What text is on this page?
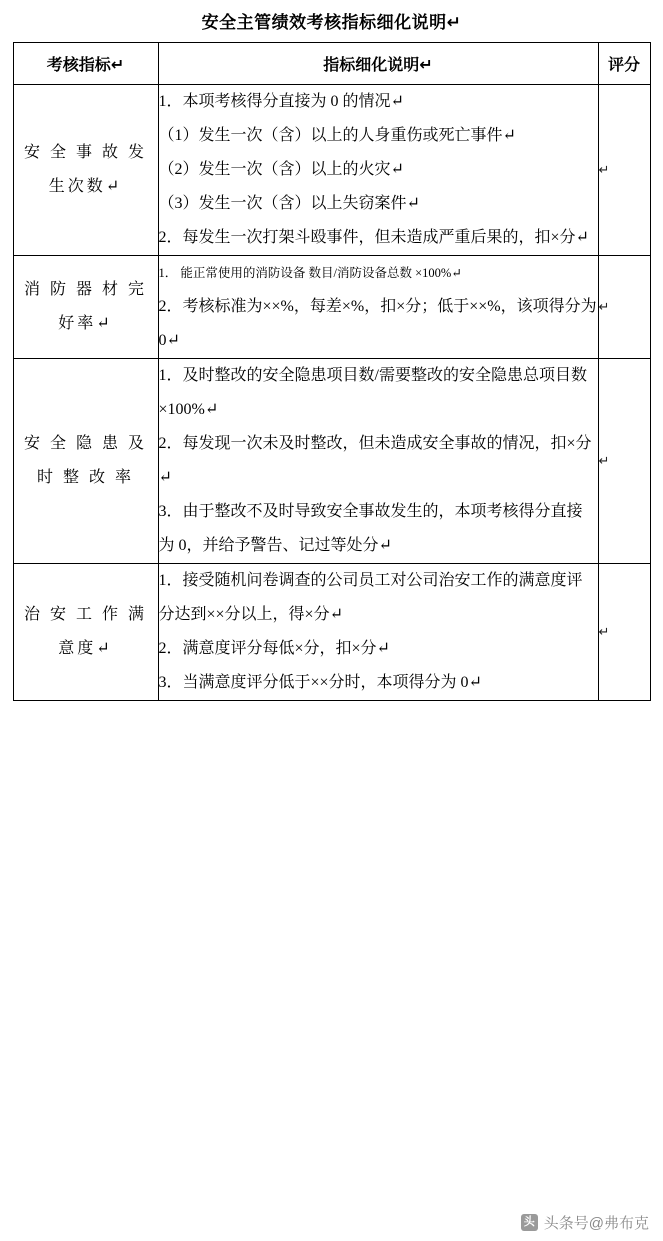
安全主管绩效考核指标细化说明↵
考核指标↵	指标细化说明↵	评分
安 全 事 故 发 生次数↵	1．本项考核得分直接为 0 的情况↵
（1）发生一次（含）以上的人身重伤或死亡事件↵
（2）发生一次（含）以上的火灾↵
（3）发生一次（含）以上失窃案件↵
2．每发生一次打架斗殴事件，但未造成严重后果的，扣×分↵	↵
消 防 器 材 完 好率↵	1． 能正常使用的消防设备 数目/消防设备总数 ×100%↵
2．考核标准为××%，每差×%，扣×分；低于××%，该项得分为 0↵	↵
安 全 隐 患 及 时 整 改 率	1．及时整改的安全隐患项目数/需要整改的安全隐患总项目数×100%↵
2．每发现一次未及时整改，但未造成安全事故的情况，扣×分↵
3．由于整改不及时导致安全事故发生的，本项考核得分直接为 0，并给予警告、记过等处分↵	↵
治 安 工 作 满 意度↵	1．接受随机问卷调查的公司员工对公司治安工作的满意度评分达到××分以上，得×分↵
2．满意度评分每低×分，扣×分↵
3．当满意度评分低于××分时，本项得分为 0↵	↵
头 头条号@弗布克
